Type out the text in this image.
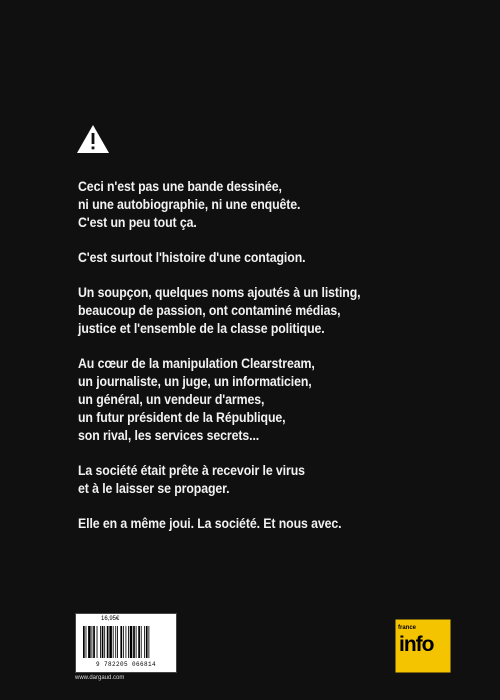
Ceci n'est pas une bande dessinée,
ni une autobiographie, ni une enquête.
C'est un peu tout ça.

C'est surtout l'histoire d'une contagion.

Un soupçon, quelques noms ajoutés à un listing,
beaucoup de passion, ont contaminé médias,
justice et l'ensemble de la classe politique.

Au cœur de la manipulation Clearstream,
un journaliste, un juge, un informaticien,
un général, un vendeur d'armes,
un futur président de la République,
son rival, les services secrets...

La société était prête à recevoir le virus
et à le laisser se propager.

Elle en a même joui. La société. Et nous avec.

16,95€
9 782205 066814
www.dargaud.com
france
info
